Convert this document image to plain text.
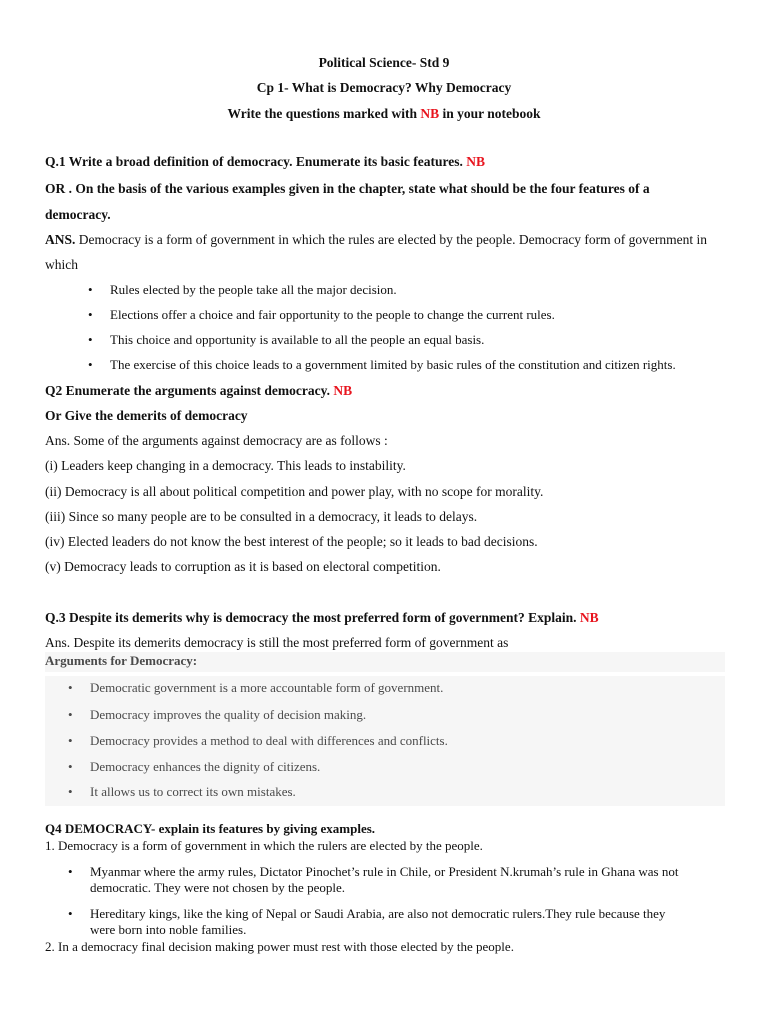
Political Science- Std 9
Cp 1- What is Democracy? Why Democracy
Write the questions marked with NB in your notebook
Q.1 Write a broad definition of democracy. Enumerate its basic features. NB
OR . On the basis of the various examples given in the chapter, state what should be the four features of a
democracy.
ANS. Democracy is a form of government in which the rules are elected by the people. Democracy form of government in
which
• Rules elected by the people take all the major decision.
• Elections offer a choice and fair opportunity to the people to change the current rules.
• This choice and opportunity is available to all the people an equal basis.
• The exercise of this choice leads to a government limited by basic rules of the constitution and citizen rights.
Q2 Enumerate the arguments against democracy. NB
Or Give the demerits of democracy
Ans. Some of the arguments against democracy are as follows :
(i) Leaders keep changing in a democracy. This leads to instability.
(ii) Democracy is all about political competition and power play, with no scope for morality.
(iii) Since so many people are to be consulted in a democracy, it leads to delays.
(iv) Elected leaders do not know the best interest of the people; so it leads to bad decisions.
(v) Democracy leads to corruption as it is based on electoral competition.
Q.3 Despite its demerits why is democracy the most preferred form of government? Explain. NB
Ans. Despite its demerits democracy is still the most preferred form of government as
Arguments for Democracy:
• Democratic government is a more accountable form of government.
• Democracy improves the quality of decision making.
• Democracy provides a method to deal with differences and conflicts.
• Democracy enhances the dignity of citizens.
• It allows us to correct its own mistakes.
Q4 DEMOCRACY- explain its features by giving examples.
1. Democracy is a form of government in which the rulers are elected by the people.
• Myanmar where the army rules, Dictator Pinochet’s rule in Chile, or President N.krumah’s rule in Ghana was not
democratic. They were not chosen by the people.
• Hereditary kings, like the king of Nepal or Saudi Arabia, are also not democratic rulers.They rule because they
were born into noble families.
2. In a democracy final decision making power must rest with those elected by the people.
